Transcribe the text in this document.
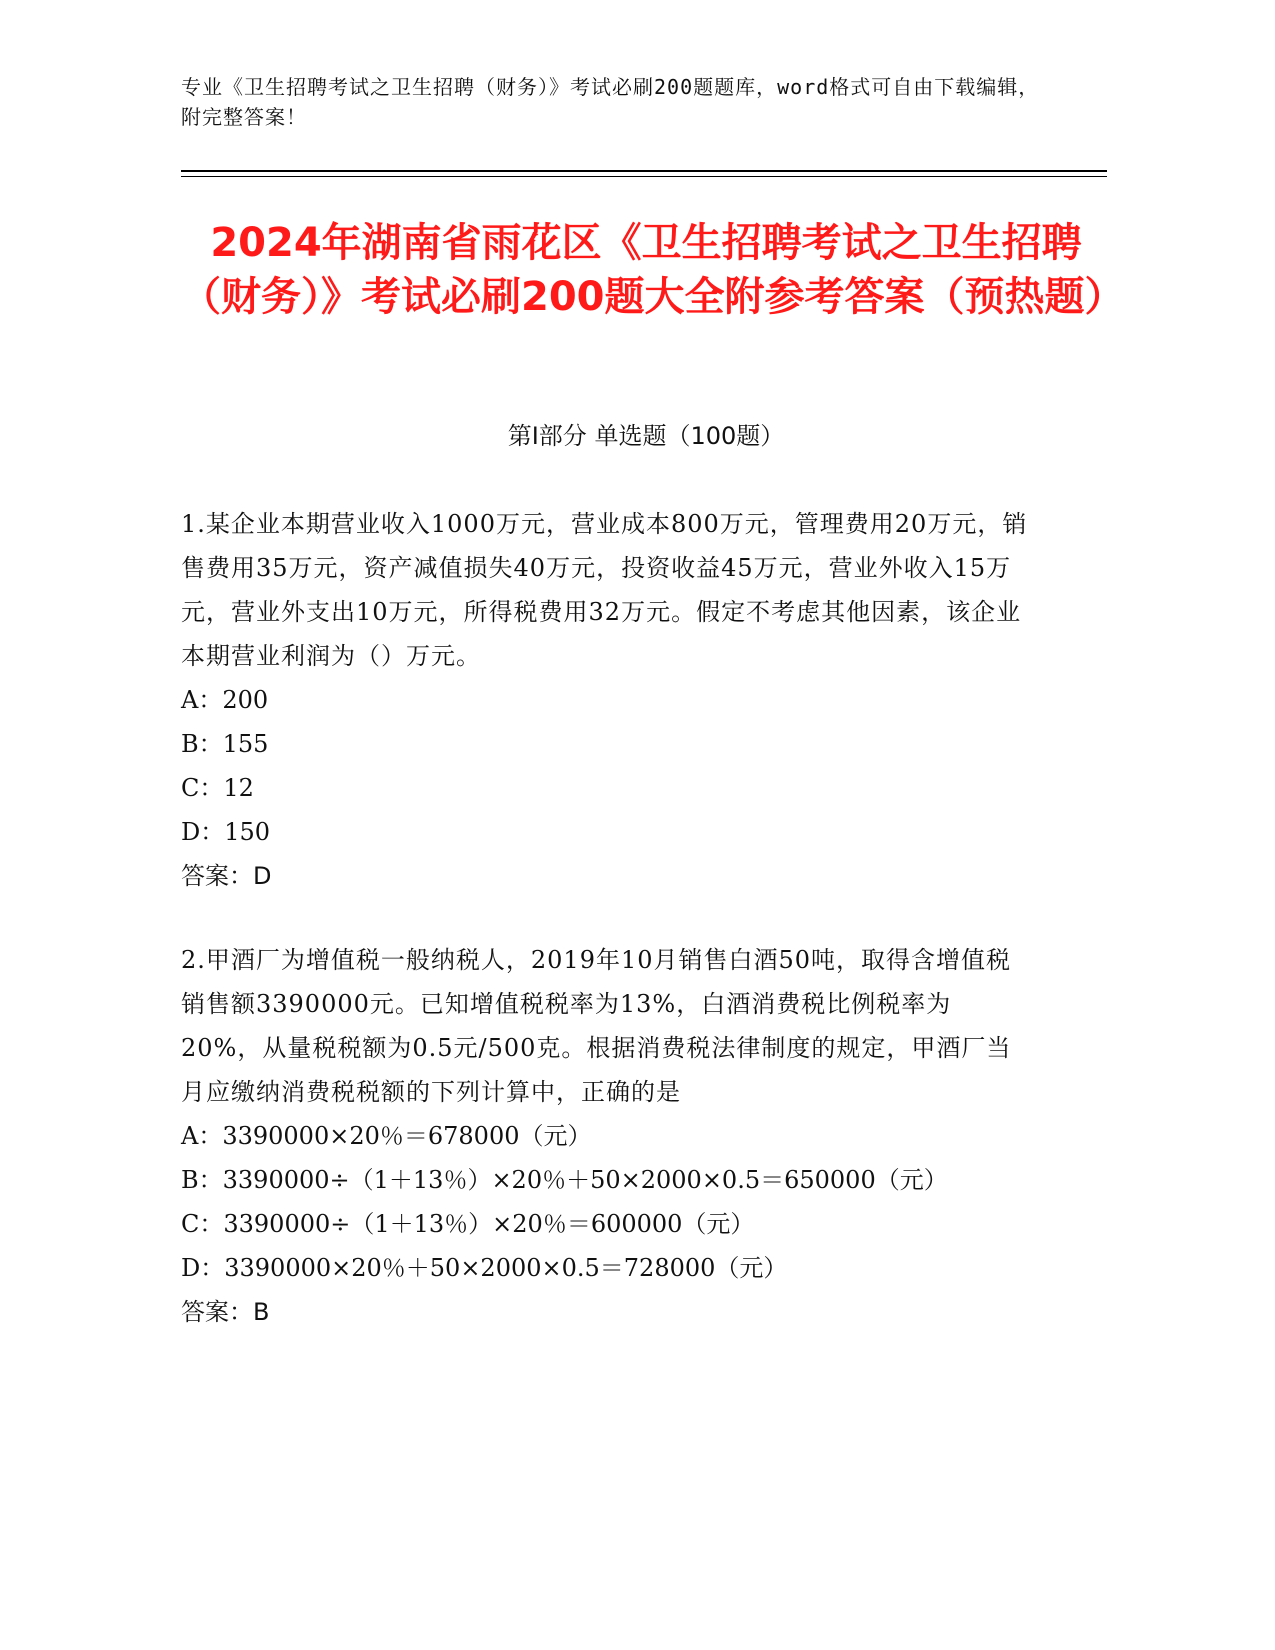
专业《卫生招聘考试之卫生招聘（财务）》考试必刷200题题库，word格式可自由下载编辑，附完整答案！
2024年湖南省雨花区《卫生招聘考试之卫生招聘（财务）》考试必刷200题大全附参考答案（预热题）
第Ⅰ部分 单选题（100题）
1.某企业本期营业收入1000万元，营业成本800万元，管理费用20万元，销售费用35万元，资产减值损失40万元，投资收益45万元，营业外收入15万元，营业外支出10万元，所得税费用32万元。假定不考虑其他因素，该企业本期营业利润为（）万元。
A：200
B：155
C：12
D：150
答案：D
2.甲酒厂为增值税一般纳税人，2019年10月销售白酒50吨，取得含增值税销售额3390000元。已知增值税税率为13%，白酒消费税比例税率为20%，从量税税额为0.5元/500克。根据消费税法律制度的规定，甲酒厂当月应缴纳消费税税额的下列计算中，正确的是
A：3390000×20％＝678000（元）
B：3390000÷（1＋13％）×20％＋50×2000×0.5＝650000（元）
C：3390000÷（1＋13％）×20％＝600000（元）
D：3390000×20％＋50×2000×0.5＝728000（元）
答案：B
